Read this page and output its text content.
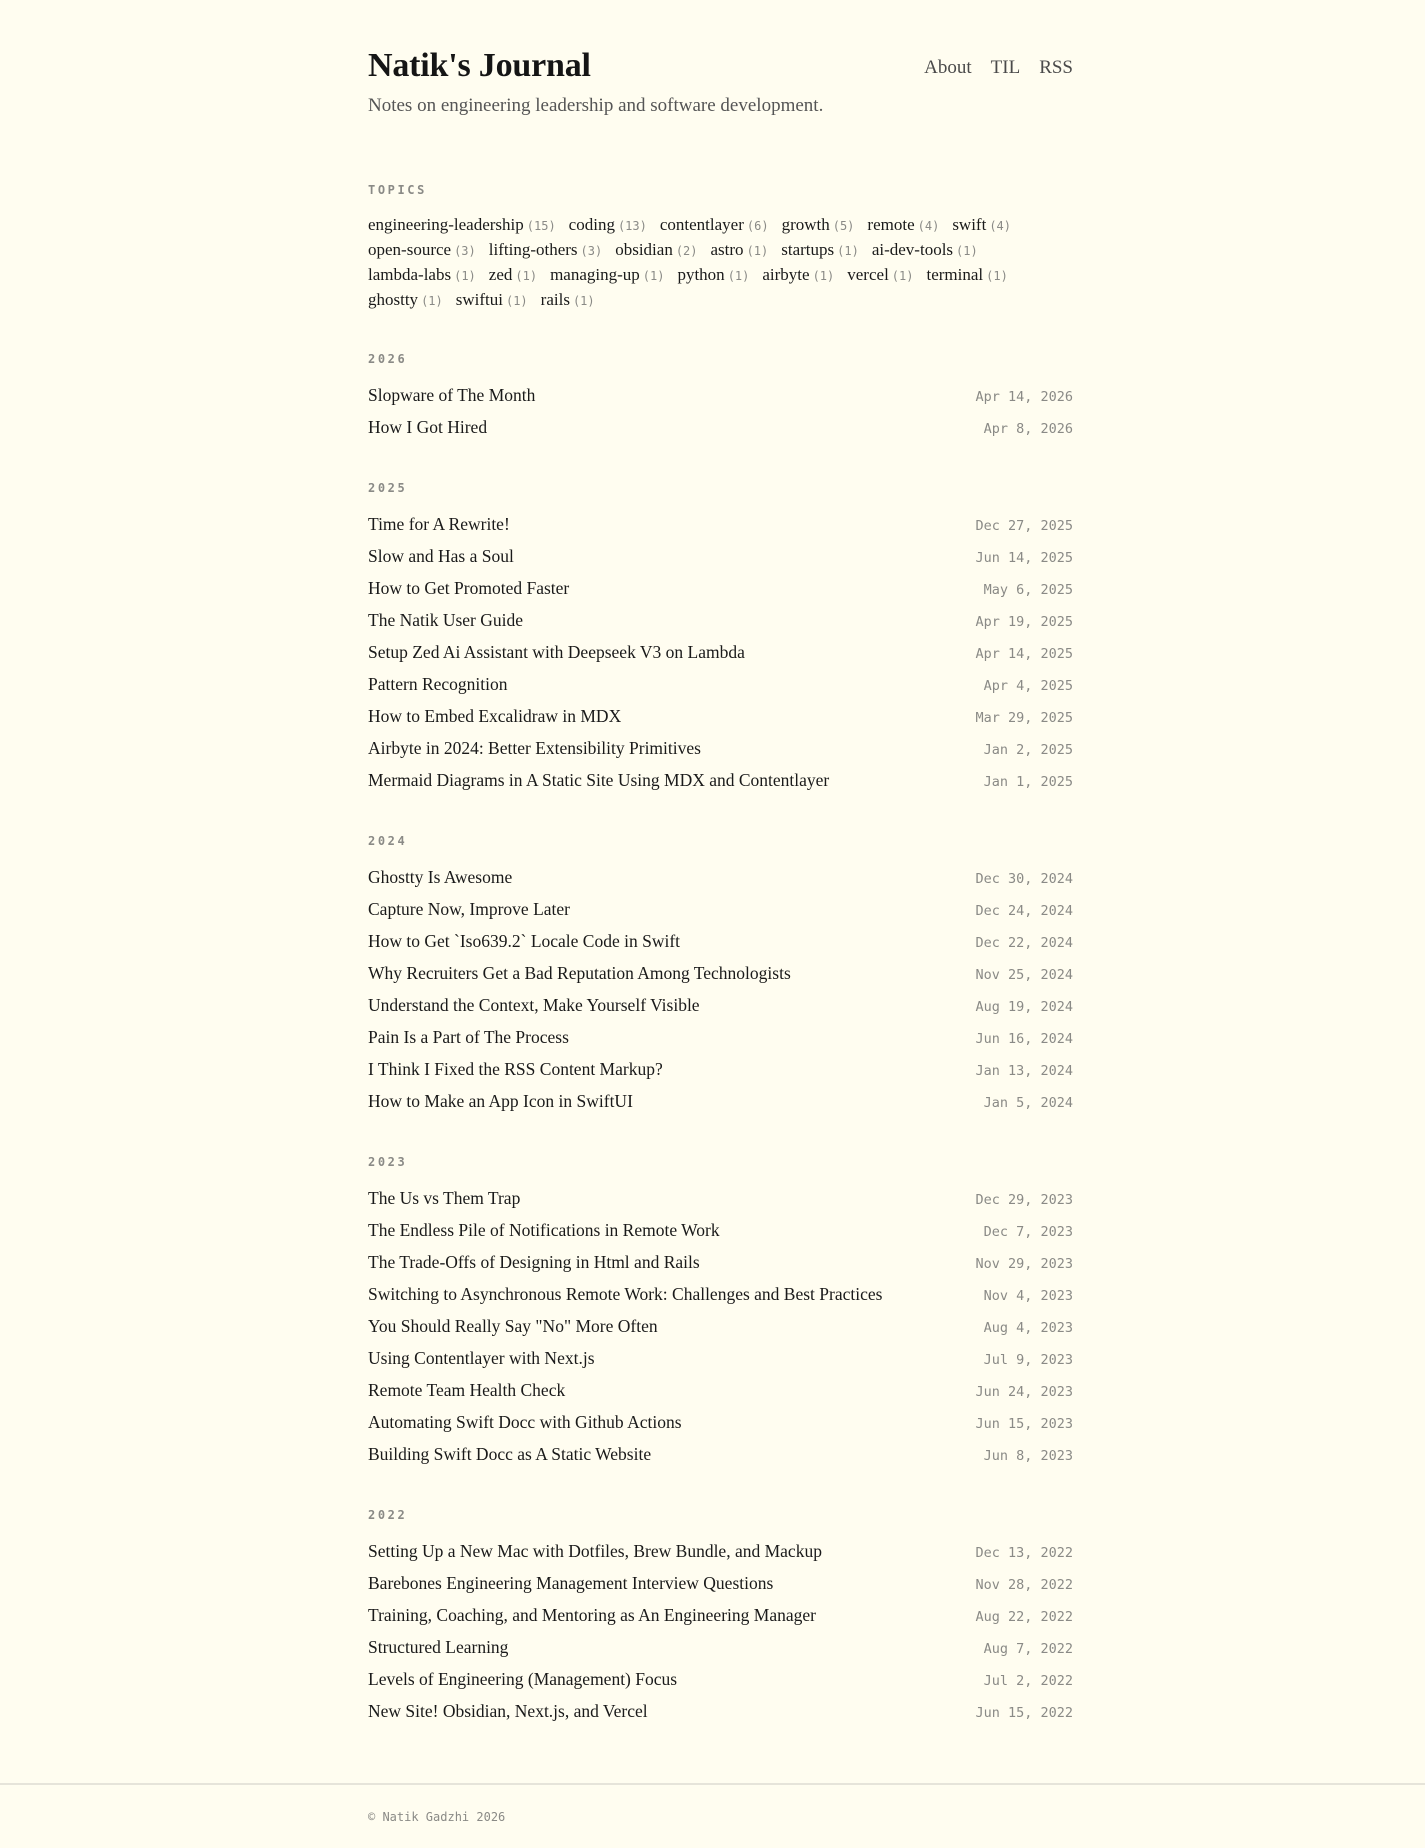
Natik's Journal	About TIL RSS

Notes on engineering leadership and software development.

TOPICS
engineering-leadership (15) coding (13) contentlayer (6) growth (5) remote (4) swift (4)
open-source (3) lifting-others (3) obsidian (2) astro (1) startups (1) ai-dev-tools (1)
lambda-labs (1) zed (1) managing-up (1) python (1) airbyte (1) vercel (1) terminal (1)
ghostty (1) swiftui (1) rails (1)
2026
Slopware of The Month	Apr 14, 2026
How I Got Hired	Apr 8, 2026
2025
Time for A Rewrite!	Dec 27, 2025
Slow and Has a Soul	Jun 14, 2025
How to Get Promoted Faster	May 6, 2025
The Natik User Guide	Apr 19, 2025
Setup Zed Ai Assistant with Deepseek V3 on Lambda	Apr 14, 2025
Pattern Recognition	Apr 4, 2025
How to Embed Excalidraw in MDX	Mar 29, 2025
Airbyte in 2024: Better Extensibility Primitives	Jan 2, 2025
Mermaid Diagrams in A Static Site Using MDX and Contentlayer	Jan 1, 2025
2024
Ghostty Is Awesome	Dec 30, 2024
Capture Now, Improve Later	Dec 24, 2024
How to Get `Iso639.2` Locale Code in Swift	Dec 22, 2024
Why Recruiters Get a Bad Reputation Among Technologists	Nov 25, 2024
Understand the Context, Make Yourself Visible	Aug 19, 2024
Pain Is a Part of The Process	Jun 16, 2024
I Think I Fixed the RSS Content Markup?	Jan 13, 2024
How to Make an App Icon in SwiftUI	Jan 5, 2024
2023
The Us vs Them Trap	Dec 29, 2023
The Endless Pile of Notifications in Remote Work	Dec 7, 2023
The Trade-Offs of Designing in Html and Rails	Nov 29, 2023
Switching to Asynchronous Remote Work: Challenges and Best Practices	Nov 4, 2023
You Should Really Say "No" More Often	Aug 4, 2023
Using Contentlayer with Next.js	Jul 9, 2023
Remote Team Health Check	Jun 24, 2023
Automating Swift Docc with Github Actions	Jun 15, 2023
Building Swift Docc as A Static Website	Jun 8, 2023
2022
Setting Up a New Mac with Dotfiles, Brew Bundle, and Mackup	Dec 13, 2022
Barebones Engineering Management Interview Questions	Nov 28, 2022
Training, Coaching, and Mentoring as An Engineering Manager	Aug 22, 2022
Structured Learning	Aug 7, 2022
Levels of Engineering (Management) Focus	Jul 2, 2022
New Site! Obsidian, Next.js, and Vercel	Jun 15, 2022

© Natik Gadzhi 2026
